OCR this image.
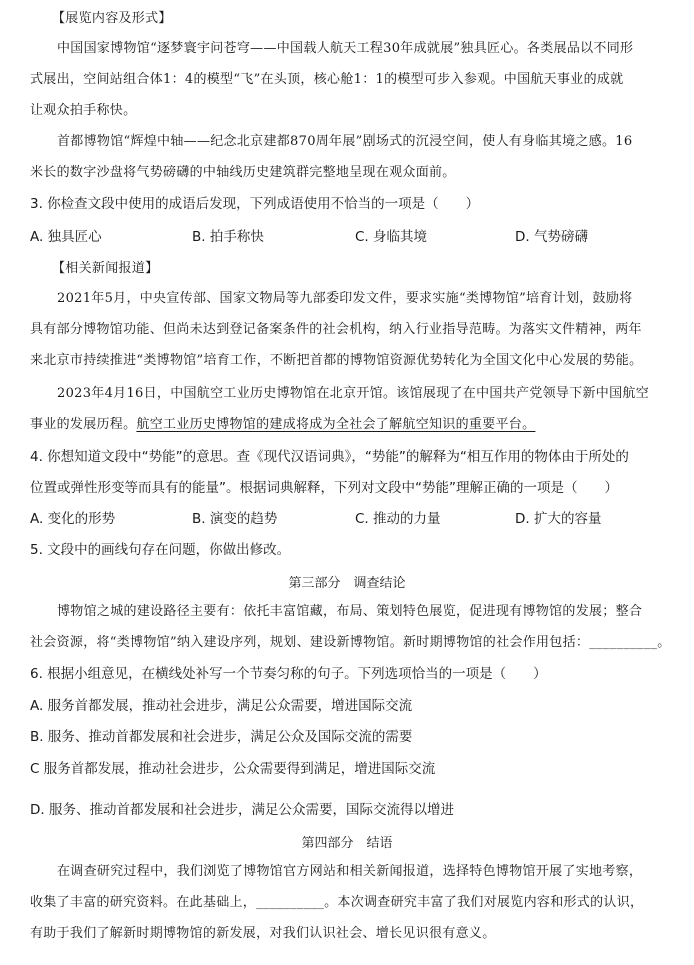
【展览内容及形式】
中国国家博物馆“逐梦寰宇问苍穹——中国载人航天工程30年成就展”独具匠心。各类展品以不同形
式展出，空间站组合体1：4的模型“飞”在头顶，核心舱1：1的模型可步入参观。中国航天事业的成就
让观众拍手称快。
首都博物馆“辉煌中轴——纪念北京建都870周年展”剧场式的沉浸空间，使人有身临其境之感。16
米长的数字沙盘将气势磅礴的中轴线历史建筑群完整地呈现在观众面前。
3. 你检查文段中使用的成语后发现，下列成语使用不恰当的一项是（　　）
A. 独具匠心	B. 拍手称快	C. 身临其境	D. 气势磅礴
【相关新闻报道】
2021年5月，中央宣传部、国家文物局等九部委印发文件，要求实施“类博物馆”培育计划，鼓励将
具有部分博物馆功能、但尚未达到登记备案条件的社会机构，纳入行业指导范畴。为落实文件精神，两年
来北京市持续推进“类博物馆”培育工作，不断把首都的博物馆资源优势转化为全国文化中心发展的势能。
2023年4月16日，中国航空工业历史博物馆在北京开馆。该馆展现了在中国共产党领导下新中国航空
事业的发展历程。航空工业历史博物馆的建成将成为全社会了解航空知识的重要平台。
4. 你想知道文段中“势能”的意思。查《现代汉语词典》，“势能”的解释为“相互作用的物体由于所处的
位置或弹性形变等而具有的能量”。根据词典解释，下列对文段中“势能”理解正确的一项是（　　）
A. 变化的形势	B. 演变的趋势	C. 推动的力量	D. 扩大的容量
5. 文段中的画线句存在问题，你做出修改。
第三部分　调查结论
博物馆之城的建设路径主要有：依托丰富馆藏，布局、策划特色展览，促进现有博物馆的发展；整合
社会资源，将“类博物馆”纳入建设序列，规划、建设新博物馆。新时期博物馆的社会作用包括：__________。
6. 根据小组意见，在横线处补写一个节奏匀称的句子。下列选项恰当的一项是（　　）
A. 服务首都发展，推动社会进步，满足公众需要，增进国际交流
B. 服务、推动首都发展和社会进步，满足公众及国际交流的需要
C 服务首都发展，推动社会进步，公众需要得到满足，增进国际交流
D. 服务、推动首都发展和社会进步，满足公众需要，国际交流得以增进
第四部分　结语
在调查研究过程中，我们浏览了博物馆官方网站和相关新闻报道，选择特色博物馆开展了实地考察，
收集了丰富的研究资料。在此基础上，__________。本次调查研究丰富了我们对展览内容和形式的认识，
有助于我们了解新时期博物馆的新发展，对我们认识社会、增长见识很有意义。
